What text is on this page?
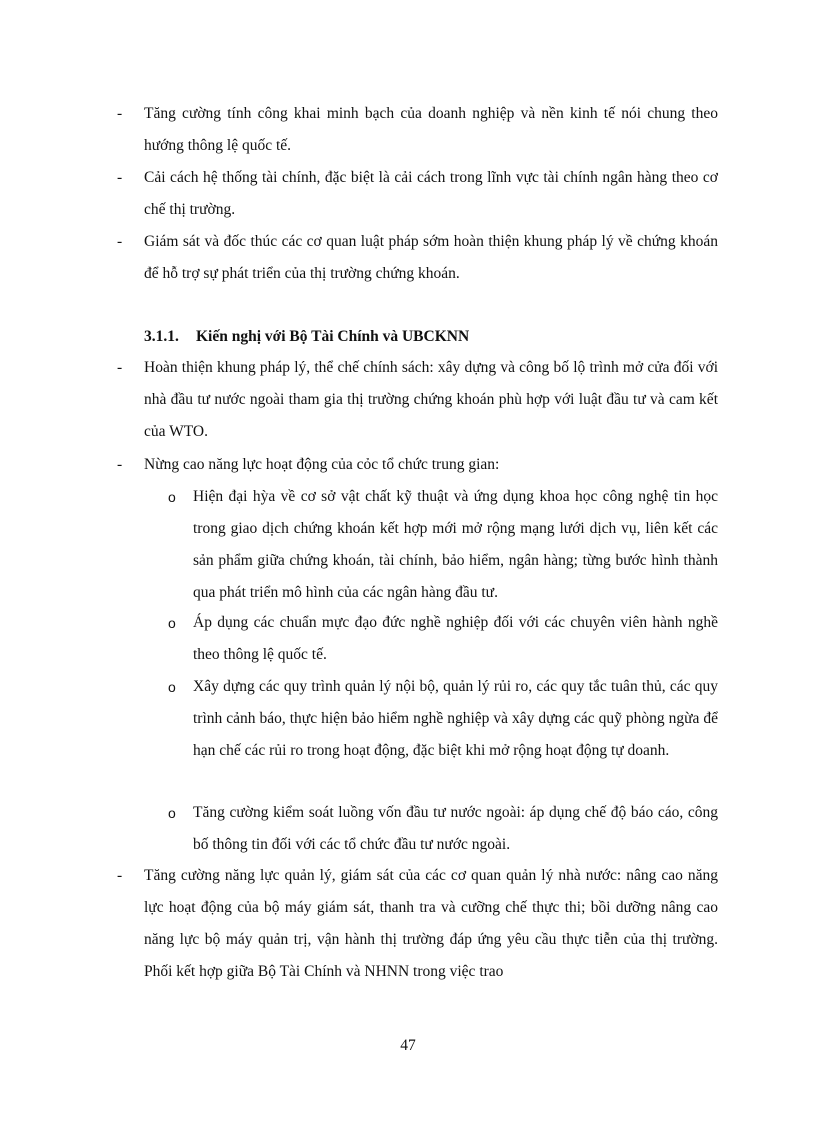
- Tăng cường tính công khai minh bạch của doanh nghiệp và nền kinh tế nói chung theo hướng thông lệ quốc tế.
- Cải cách hệ thống tài chính, đặc biệt là cải cách trong lĩnh vực tài chính ngân hàng theo cơ chế thị trường.
- Giám sát và đốc thúc các cơ quan luật pháp sớm hoàn thiện khung pháp lý về chứng khoán để hỗ trợ sự phát triển của thị trường chứng khoán.
3.1.1. Kiến nghị với Bộ Tài Chính và UBCKNN
- Hoàn thiện khung pháp lý, thể chế chính sách: xây dựng và công bố lộ trình mở cửa đối với nhà đầu tư nước ngoài tham gia thị trường chứng khoán phù hợp với luật đầu tư và cam kết của WTO.
- Nừng cao năng lực hoạt động của cỏc tổ chức trung gian:
o Hiện đại hỳa về cơ sở vật chất kỹ thuật và ứng dụng khoa học công nghệ tin học trong giao dịch chứng khoán kết hợp mới mở rộng mạng lưới dịch vụ, liên kết các sản phẩm giữa chứng khoán, tài chính, bảo hiểm, ngân hàng; từng bước hình thành qua phát triển mô hình của các ngân hàng đầu tư.
o Áp dụng các chuẩn mực đạo đức nghề nghiệp đối với các chuyên viên hành nghề theo thông lệ quốc tế.
o Xây dựng các quy trình quản lý nội bộ, quản lý rủi ro, các quy tắc tuân thủ, các quy trình cảnh báo, thực hiện bảo hiểm nghề nghiệp và xây dựng các quỹ phòng ngừa để hạn chế các rủi ro trong hoạt động, đặc biệt khi mở rộng hoạt động tự doanh.
o Tăng cường kiểm soát luồng vốn đầu tư nước ngoài: áp dụng chế độ báo cáo, công bố thông tin đối với các tổ chức đầu tư nước ngoài.
- Tăng cường năng lực quản lý, giám sát của các cơ quan quản lý nhà nước: nâng cao năng lực hoạt động của bộ máy giám sát, thanh tra và cưỡng chế thực thi; bồi dưỡng nâng cao năng lực bộ máy quản trị, vận hành thị trường đáp ứng yêu cầu thực tiễn của thị trường. Phối kết hợp giữa Bộ Tài Chính và NHNN trong việc trao
47
